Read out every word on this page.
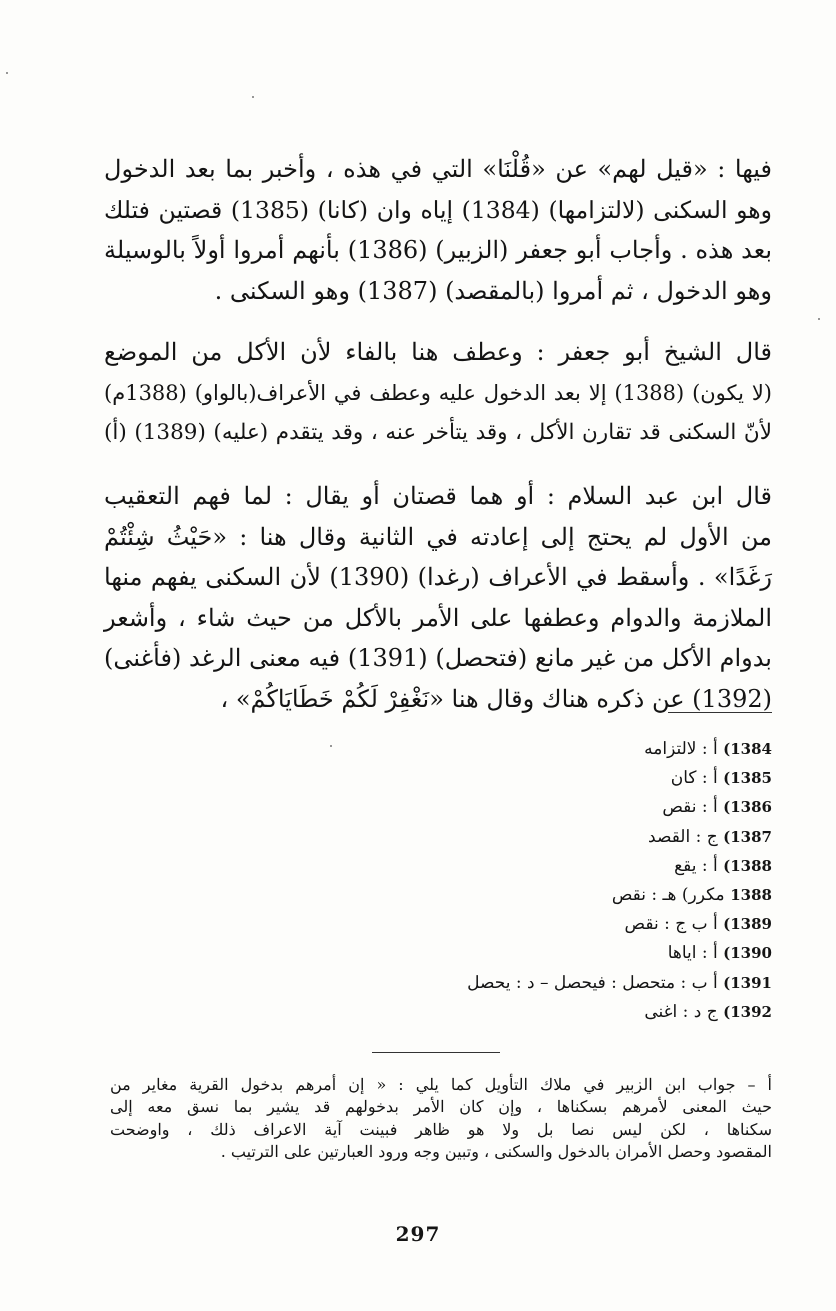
فيها : «قيل لهم» عن «قُلْنَا» التي في هذه ، وأخبر بما بعد الدخول
وهو السكنى (لالتزامها) (1384) إياه وان (كانا) (1385) قصتين فتلك
بعد هذه . وأجاب أبو جعفر (الزبير) (1386) بأنهم أمروا أولاً بالوسيلة
وهو الدخول ، ثم أمروا (بالمقصد) (1387) وهو السكنى .

قال الشيخ أبو جعفر : وعطف هنا بالفاء لأن الأكل من الموضع
(لا يكون) (1388) إلا بعد الدخول عليه وعطف في الأعراف(بالواو) (1388م)
لأنّ السكنى قد تقارن الأكل ، وقد يتأخر عنه ، وقد يتقدم (عليه) (1389) (أ)

قال ابن عبد السلام : أو هما قصتان أو يقال : لما فهم التعقيب
من الأول لم يحتج إلى إعادته في الثانية وقال هنا : «حَيْثُ شِئْتُمْ
رَغَدًا» . وأسقط في الأعراف (رغدا) (1390) لأن السكنى يفهم منها
الملازمة والدوام وعطفها على الأمر بالأكل من حيث شاء ، وأشعر
بدوام الأكل من غير مانع (فتحصل) (1391) فيه معنى الرغد (فأغنى)
(1392) عن ذكره هناك وقال هنا «نَغْفِرْ لَكُمْ خَطَايَاكُمْ» ،

1384) أ : لالتزامه
1385) أ : كان
1386) أ : نقص
1387) ج : القصد
1388) أ : يقع
1388 مكرر) هـ : نقص
1389) أ ب ج : نقص
1390) أ : اياها
1391) أ ب : متحصل : فيحصل – د : يحصل
1392) ج د : اغنى

أ – جواب ابن الزبير في ملاك التأويل كما يلي : « إن أمرهم بدخول القرية مغاير من
حيث المعنى لأمرهم بسكناها ، وإن كان الأمر بدخولهم قد يشير بما نسق معه إلى
سكناها ، لكن ليس نصا بل ولا هو ظاهر فبينت آية الاعراف ذلك ، واوضحت
المقصود وحصل الأمران بالدخول والسكنى ، وتبين وجه ورود العبارتين على الترتيب .

297
